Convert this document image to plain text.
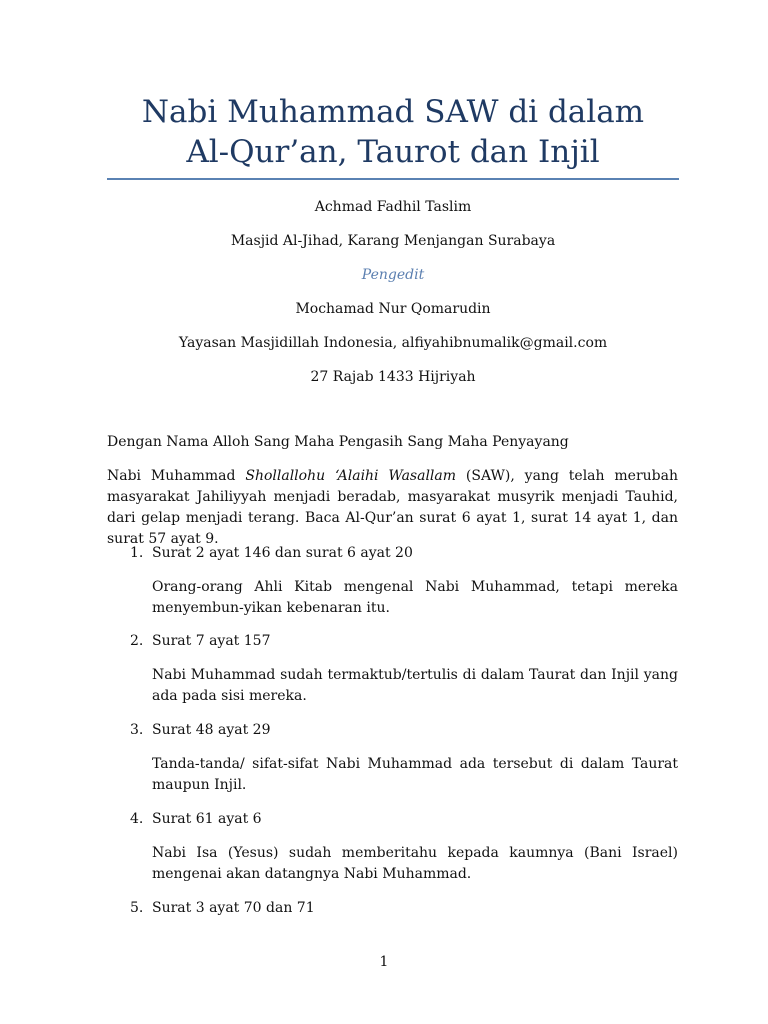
Nabi Muhammad SAW di dalam
Al-Qur’an, Taurot dan Injil
Achmad Fadhil Taslim
Masjid Al-Jihad, Karang Menjangan Surabaya
Pengedit
Mochamad Nur Qomarudin
Yayasan Masjidillah Indonesia, alfiyahibnumalik@gmail.com
27 Rajab 1433 Hijriyah
Dengan Nama Alloh Sang Maha Pengasih Sang Maha Penyayang
Nabi Muhammad Shollallohu ‘Alaihi Wasallam (SAW), yang telah merubah masyarakat Jahiliyyah menjadi beradab, masyarakat musyrik menjadi Tauhid, dari gelap menjadi terang. Baca Al-Qur’an surat 6 ayat 1, surat 14 ayat 1, dan surat 57 ayat 9.
1. Surat 2 ayat 146 dan surat 6 ayat 20
Orang-orang Ahli Kitab mengenal Nabi Muhammad, tetapi mereka menyembun-yikan kebenaran itu.
2. Surat 7 ayat 157
Nabi Muhammad sudah termaktub/tertulis di dalam Taurat dan Injil yang ada pada sisi mereka.
3. Surat 48 ayat 29
Tanda-tanda/ sifat-sifat Nabi Muhammad ada tersebut di dalam Taurat maupun Injil.
4. Surat 61 ayat 6
Nabi Isa (Yesus) sudah memberitahu kepada kaumnya (Bani Israel) mengenai akan datangnya Nabi Muhammad.
5. Surat 3 ayat 70 dan 71
1
